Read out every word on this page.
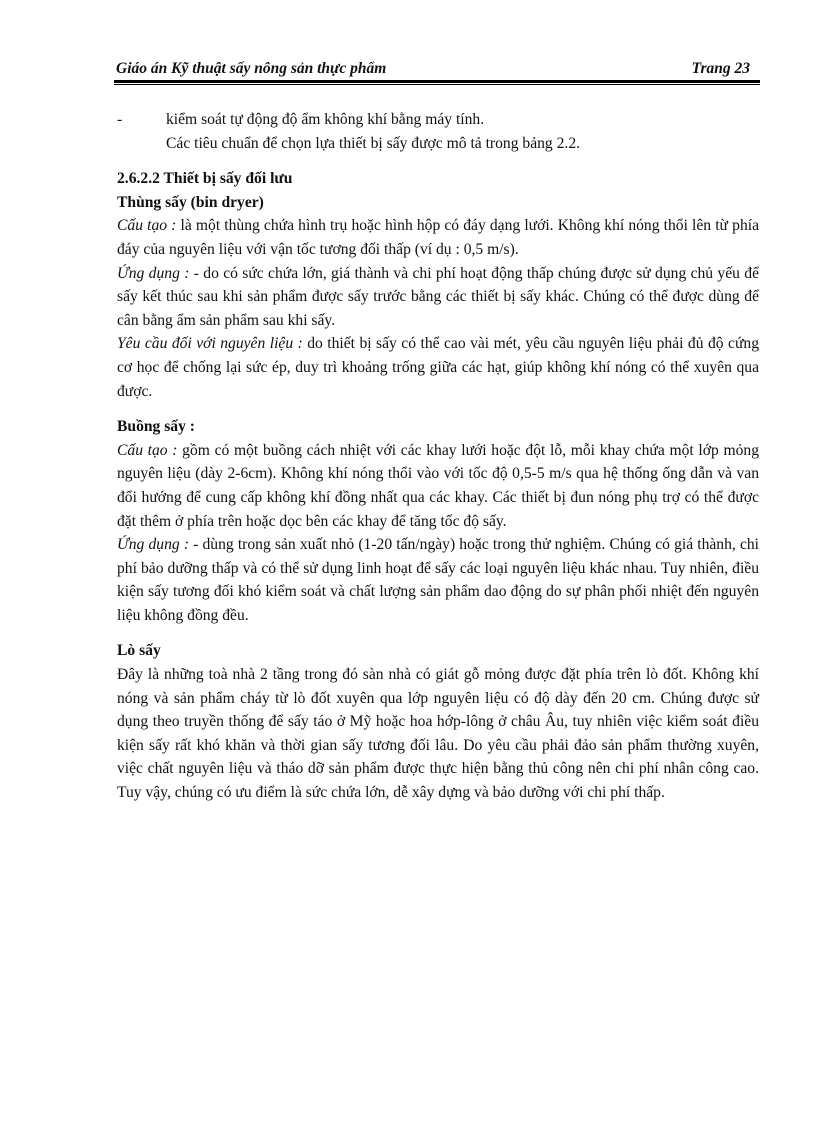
Giáo án Kỹ thuật sấy nông sản thực phẩm	Trang 23

-	kiểm soát tự động độ ẩm không khí bằng máy tính.

Các tiêu chuẩn để chọn lựa thiết bị sấy được mô tả trong bảng 2.2.

2.6.2.2 Thiết bị sấy đối lưu

Thùng sấy (bin dryer)

Cấu tạo : là một thùng chứa hình trụ hoặc hình hộp có đáy dạng lưới. Không khí nóng thổi lên từ phía đáy của nguyên liệu với vận tốc tương đối thấp (ví dụ : 0,5 m/s).

Ứng dụng : - do có sức chứa lớn, giá thành và chi phí hoạt động thấp chúng được sử dụng chủ yếu để sấy kết thúc sau khi sản phẩm được sấy trước bằng các thiết bị sấy khác. Chúng có thể được dùng để cân bằng ẩm sản phẩm sau khi sấy.

Yêu cầu đối với nguyên liệu : do thiết bị sấy có thể cao vài mét, yêu cầu nguyên liệu phải đủ độ cứng cơ học để chống lại sức ép, duy trì khoảng trống giữa các hạt, giúp không khí nóng có thể xuyên qua được.

Buồng sấy :

Cấu tạo : gồm có một buồng cách nhiệt với các khay lưới hoặc đột lỗ, mỗi khay chứa một lớp mỏng nguyên liệu (dày 2-6cm). Không khí nóng thổi vào với tốc độ 0,5-5 m/s qua hệ thống ống dẫn và van đổi hướng để cung cấp không khí đồng nhất qua các khay. Các thiết bị đun nóng phụ trợ có thể được đặt thêm ở phía trên hoặc dọc bên các khay để tăng tốc độ sấy.

Ứng dụng : - dùng trong sản xuất nhỏ (1-20 tấn/ngày) hoặc trong thử nghiệm. Chúng có giá thành, chi phí bảo dưỡng thấp và có thể sử dụng linh hoạt để sấy các loại nguyên liệu khác nhau. Tuy nhiên, điều kiện sấy tương đối khó kiểm soát và chất lượng sản phẩm dao động do sự phân phối nhiệt đến nguyên liệu không đồng đều.

Lò sấy

Đây là những toà nhà 2 tầng trong đó sàn nhà có giát gỗ mỏng được đặt phía trên lò đốt. Không khí nóng và sản phẩm cháy từ lò đốt xuyên qua lớp nguyên liệu có độ dày đến 20 cm. Chúng được sử dụng theo truyền thống để sấy táo ở Mỹ hoặc hoa hớp-lông ở châu Âu, tuy nhiên việc kiểm soát điều kiện sấy rất khó khăn và thời gian sấy tương đối lâu. Do yêu cầu phải đảo sản phẩm thường xuyên, việc chất nguyên liệu và tháo dỡ sản phẩm được thực hiện bằng thủ công nên chi phí nhân công cao. Tuy vậy, chúng có ưu điểm là sức chứa lớn, dễ xây dựng và bảo dưỡng với chi phí thấp.
